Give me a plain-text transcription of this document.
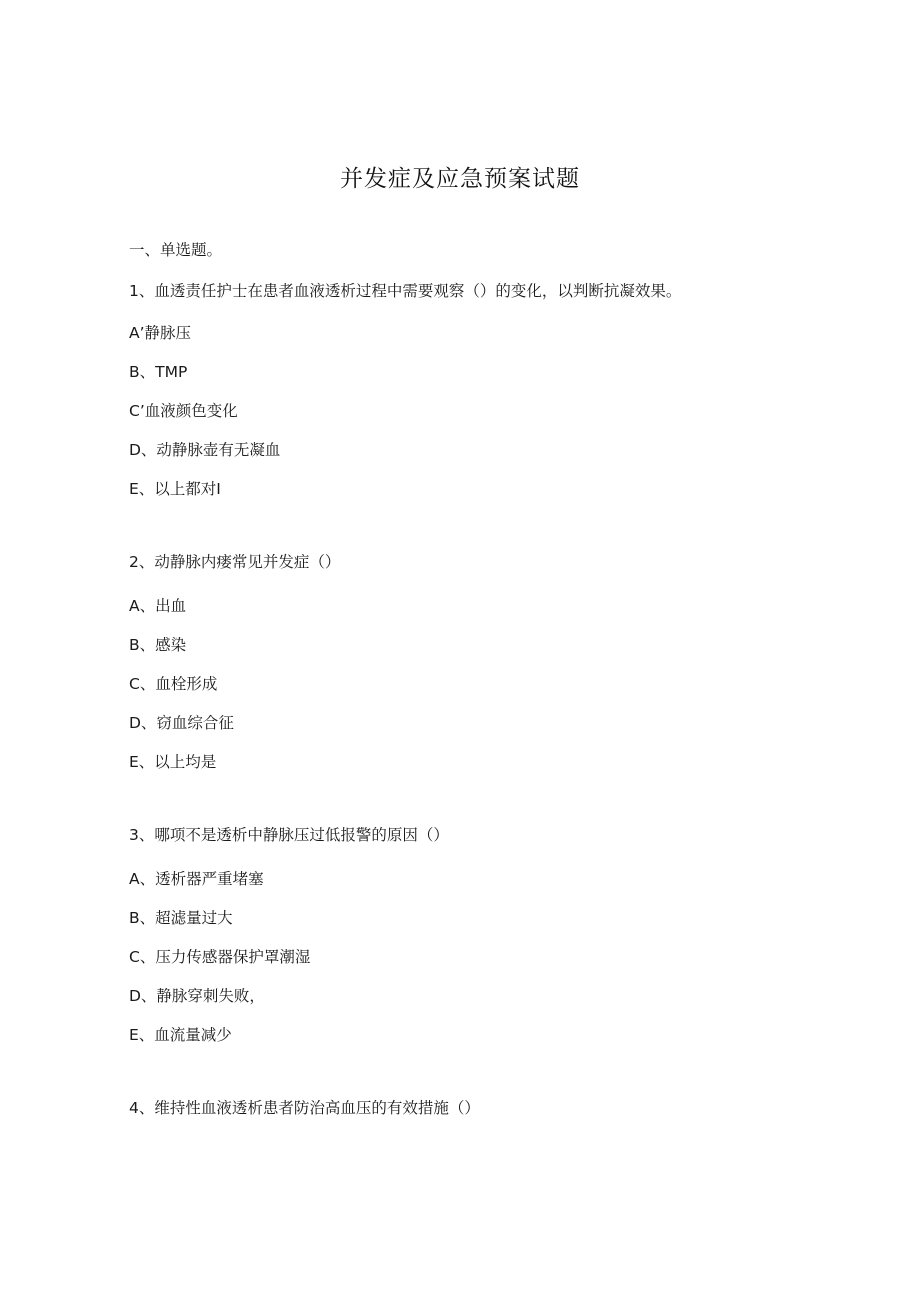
并发症及应急预案试题
一、单选题。
1、血透责任护士在患者血液透析过程中需要观察（）的变化，以判断抗凝效果。
A’静脉压
B、TMP
C’血液颜色变化
D、动静脉壶有无凝血
E、以上都对I
2、动静脉内瘘常见并发症（）
A、出血
B、感染
C、血栓形成
D、窃血综合征
E、以上均是
3、哪项不是透析中静脉压过低报警的原因（）
A、透析器严重堵塞
B、超滤量过大
C、压力传感器保护罩潮湿
D、静脉穿刺失败，
E、血流量减少
4、维持性血液透析患者防治高血压的有效措施（）
